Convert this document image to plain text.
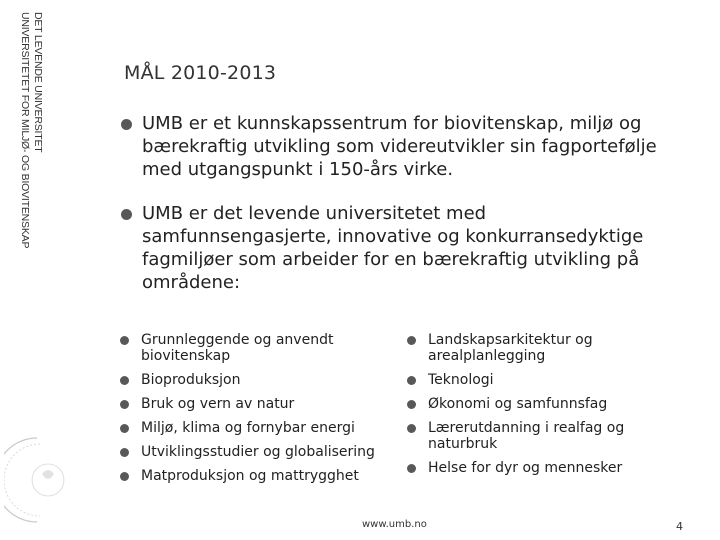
DET LEVENDE UNIVERSITET
UNIVERSITETET FOR MILJØ- OG BIOVITENSKAP	MÅL 2010-2013
UMB er et kunnskapssentrum for biovitenskap, miljø og bærekraftig utvikling som videreutvikler sin fagportefølje med utgangspunkt i 150-års virke.
UMB er det levende universitetet med samfunnsengasjerte, innovative og konkurransedyktige fagmiljøer som arbeider for en bærekraftig utvikling på områdene:
Grunnleggende og anvendt biovitenskap
Bioproduksjon
Bruk og vern av natur
Miljø, klima og fornybar energi
Utviklingsstudier og globalisering
Matproduksjon og mattrygghet
Landskapsarkitektur og arealplanlegging
Teknologi
Økonomi og samfunnsfag
Lærerutdanning i realfag og naturbruk
Helse for dyr og mennesker
www.umb.no	4
